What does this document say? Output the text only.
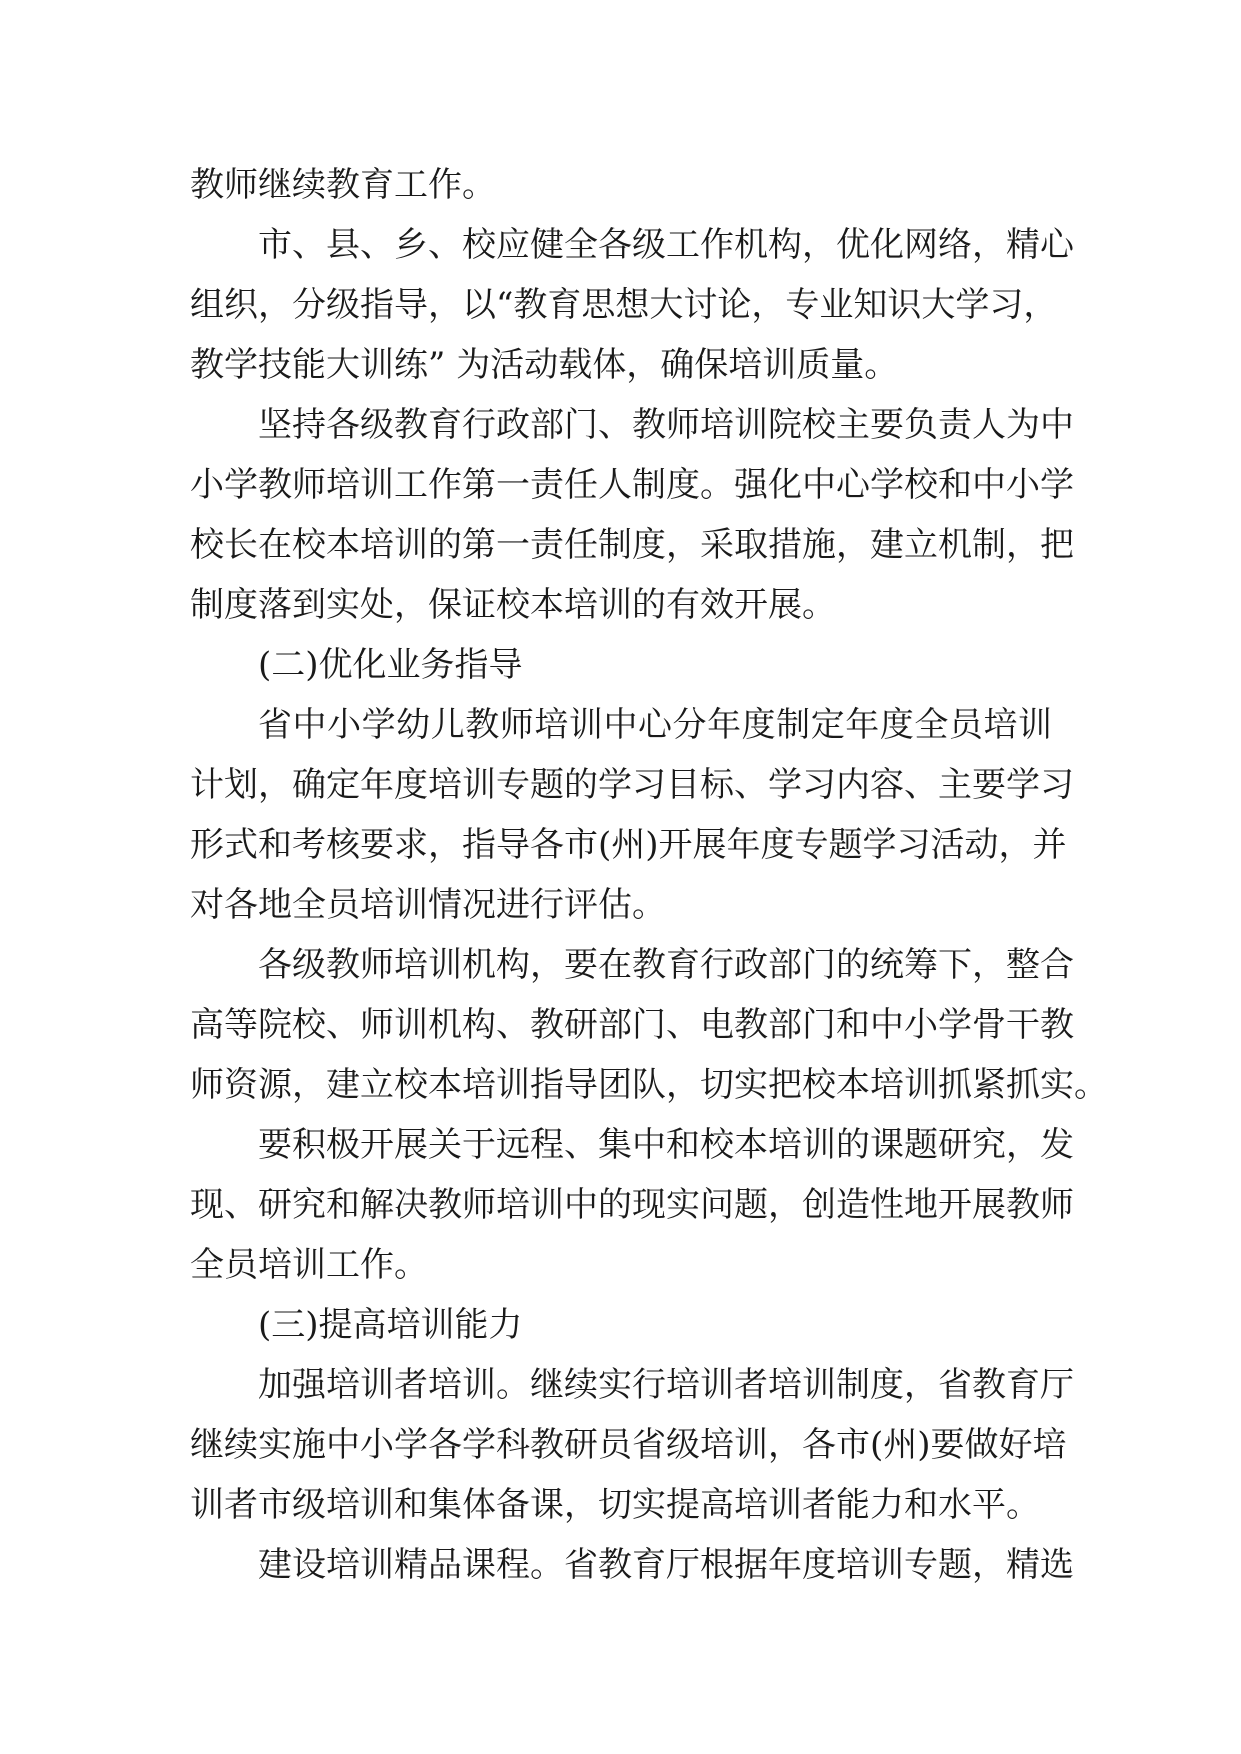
教师继续教育工作。
市、县、乡、校应健全各级工作机构，优化网络，精心
组织，分级指导，以“教育思想大讨论，专业知识大学习，
教学技能大训练” 为活动载体，确保培训质量。
坚持各级教育行政部门、教师培训院校主要负责人为中
小学教师培训工作第一责任人制度。强化中心学校和中小学
校长在校本培训的第一责任制度，采取措施，建立机制，把
制度落到实处，保证校本培训的有效开展。
(二)优化业务指导
省中小学幼儿教师培训中心分年度制定年度全员培训
计划，确定年度培训专题的学习目标、学习内容、主要学习
形式和考核要求，指导各市(州)开展年度专题学习活动，并
对各地全员培训情况进行评估。
各级教师培训机构，要在教育行政部门的统筹下，整合
高等院校、师训机构、教研部门、电教部门和中小学骨干教
师资源，建立校本培训指导团队，切实把校本培训抓紧抓实。
要积极开展关于远程、集中和校本培训的课题研究，发
现、研究和解决教师培训中的现实问题，创造性地开展教师
全员培训工作。
(三)提高培训能力
加强培训者培训。继续实行培训者培训制度，省教育厅
继续实施中小学各学科教研员省级培训，各市(州)要做好培
训者市级培训和集体备课，切实提高培训者能力和水平。
建设培训精品课程。省教育厅根据年度培训专题，精选
